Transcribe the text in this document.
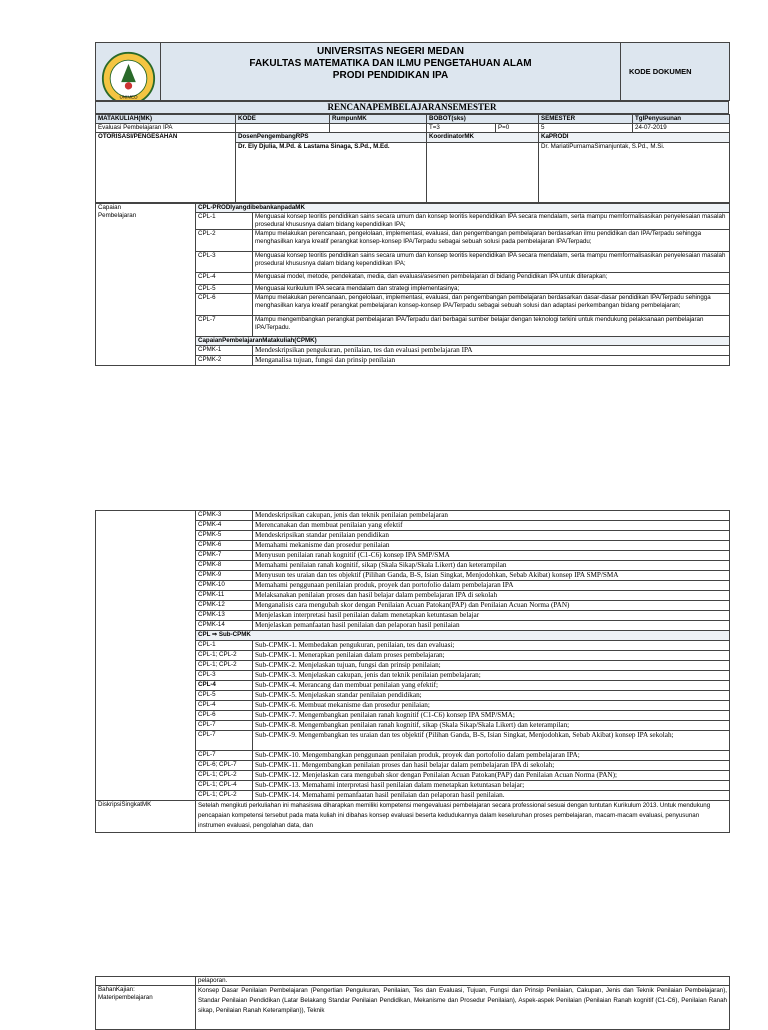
UNIMED

UNIVERSITAS NEGERI MEDAN
FAKULTAS MATEMATIKA DAN ILMU PENGETAHUAN ALAM
PRODI PENDIDIKAN IPA	KODE DOKUMEN
RENCANAPEMBELAJARANSEMESTER
MATAKULIAH(MK)	KODE	RumpunMK	BOBOT(sks)		SEMESTER	TglPenyusunan
Evaluasi Pembelajaran IPA			T=3	P=0	5	24-07-2019
OTORISASI/PENGESAHAN	DosenPengembangRPS		KoordinatorMK		KaPRODI	
	Dr. Ely Djulia, M.Pd. & Lastama Sinaga, S.Pd., M.Ed.				Dr. MariatiPurnamaSimanjuntak, S.Pd., M.Si.	
Capaian
Pembelajaran	CPL-PRODIyangdibebankanpadaMK	
	CPL-1	Menguasai konsep teoritis pendidikan sains secara umum dan konsep teoritis kependidikan IPA secara mendalam, serta mampu memformalisasikan penyelesaian masalah prosedural khususnya dalam bidang kependidikan IPA;
	CPL-2	Mampu melakukan perencanaan, pengelolaan, implementasi, evaluasi, dan pengembangan pembelajaran berdasarkan ilmu pendidikan dan IPA/Terpadu sehingga menghasilkan karya kreatif perangkat konsep-konsep IPA/Terpadu sebagai sebuah solusi pada pembelajaran IPA/Terpadu;
	CPL-3	Menguasai konsep teoritis pendidikan sains secara umum dan konsep teoritis kependidikan IPA secara mendalam, serta mampu memformalisasikan penyelesaian masalah prosedural khususnya dalam bidang kependidikan IPA;
	CPL-4	Menguasai model, metode, pendekatan, media, dan evaluasi/asesmen pembelajaran di bidang Pendidikan IPA untuk diterapkan;
	CPL-5	Menguasai kurikulum IPA secara mendalam dan strategi implementasinya;
	CPL-6	Mampu melakukan perencanaan, pengelolaan, implementasi, evaluasi, dan pengembangan pembelajaran berdasarkan dasar-dasar pendidikan IPA/Terpadu sehingga menghasilkan karya kreatif perangkat pembelajaran konsep-konsep IPA/Terpadu sebagai sebuah solusi dan adaptasi perkembangan bidang pembelajaran;
	CPL-7	Mampu mengembangkan perangkat pembelajaran IPA/Terpadu dari berbagai sumber belajar dengan teknologi terkini untuk mendukung pelaksanaan pembelajaran IPA/Terpadu.
	CapaianPembelajaranMatakuliah(CPMK)	
	CPMK-1	Mendeskripsikan pengukuran, penilaian, tes dan evaluasi pembelajaran IPA
	CPMK-2	Menganalisa tujuan, fungsi dan prinsip penilaian
	CPMK-3	Mendeskripsikan cakupan, jenis dan teknik penilaian pembelajaran
	CPMK-4	Merencanakan dan membuat penilaian yang efektif
	CPMK-5	Mendeskripsikan standar penilaian pendidikan
	CPMK-6	Memahami mekanisme dan prosedur penilaian
	CPMK-7	Menyusun penilaian ranah kognitif (C1-C6) konsep IPA SMP/SMA
	CPMK-8	Memahami penilaian ranah kognitif, sikap (Skala Sikap/Skala Likert) dan keterampilan
	CPMK-9	Menyusun tes uraian dan tes objektif (Pilihan Ganda, B-S, Isian Singkat, Menjodohkan, Sebab Akibat) konsep IPA SMP/SMA
	CPMK-10	Memahami penggunaan penilaian produk, proyek dan portofolio dalam pembelajaran IPA
	CPMK-11	Melaksanakan penilaian proses dan hasil belajar dalam pembelajaran IPA di sekolah
	CPMK-12	Menganalisis cara mengubah skor dengan Penilaian Acuan Patokan(PAP) dan Penilaian Acuan Norma (PAN)
	CPMK-13	Menjelaskan interpretasi hasil penilaian dalam menetapkan ketuntasan belajar
	CPMK-14	Menjelaskan pemanfaatan hasil penilaian dan pelaporan hasil penilaian
	CPL ⇒ Sub-CPMK	
	CPL-1	Sub-CPMK-1. Membedakan pengukuran, penilaian, tes dan evaluasi;
	CPL-1; CPL-2	Sub-CPMK-1. Menerapkan penilaian dalam proses pembelajaran;
	CPL-1; CPL-2	Sub-CPMK-2. Menjelaskan tujuan, fungsi dan prinsip penilaian;
	CPL-3	Sub-CPMK-3. Menjelaskan cakupan, jenis dan teknik penilaian pembelajaran;
	CPL-4	Sub-CPMK-4. Merancang dan membuat penilaian yang efektif;
	CPL-5	Sub-CPMK-5. Menjelaskan standar penilaian pendidikan;
	CPL-4	Sub-CPMK-6. Membuat mekanisme dan prosedur penilaian;
	CPL-6	Sub-CPMK-7. Mengembangkan penilaian ranah kognitif (C1-C6) konsep IPA SMP/SMA;
	CPL-7	Sub-CPMK-8. Mengembangkan penilaian ranah kognitif, sikap (Skala Sikap/Skala Likert) dan keterampilan;
	CPL-7	Sub-CPMK-9. Mengembangkan tes uraian dan tes objektif (Pilihan Ganda, B-S, Isian Singkat, Menjodohkan, Sebab Akibat) konsep IPA sekolah;
	CPL-7	Sub-CPMK-10. Mengembangkan penggunaan penilaian produk, proyek dan portofolio dalam pembelajaran IPA;
	CPL-6; CPL-7	Sub-CPMK-11. Mengembangkan penilaian proses dan hasil belajar dalam pembelajaran IPA di sekolah;
	CPL-1; CPL-2	Sub-CPMK-12. Menjelaskan cara mengubah skor dengan Penilaian Acuan Patokan(PAP) dan Penilaian Acuan Norma (PAN);
	CPL-1; CPL-4	Sub-CPMK-13. Memahami interpretasi hasil penilaian dalam menetapkan ketuntasan belajar;
	CPL-1; CPL-2	Sub-CPMK-14. Memahami pemanfaatan hasil penilaian dan pelaporan hasil penilaian.
DiskripsiSingkatMK	Setelah mengikuti perkuliahan ini mahasiswa diharapkan memiliki kompetensi mengevaluasi pembelajaran secara professional sesuai dengan tuntutan Kurikulum 2013. Untuk mendukung pencapaian kompetensi tersebut pada mata kuliah ini dibahas konsep evaluasi beserta kedudukannya dalam keseluruhan proses pembelajaran, macam-macam evaluasi, penyusunan instrumen evaluasi, pengolahan data, dan	
	pelaporan.

BahanKajian:
Materipembelajaran	Konsep Dasar Penilaian Pembelajaran (Pengertian Pengukuran, Penilaian, Tes dan Evaluasi, Tujuan, Fungsi dan Prinsip Penilaian, Cakupan, Jenis dan Teknik Penilaian Pembelajaran), Standar Penilaian Pendidikan (Latar Belakang Standar Penilaian Pendidikan, Mekanisme dan Prosedur Penilaian), Aspek-aspek Penilaian (Penilaian Ranah kognitif (C1-C6), Penilaian Ranah sikap, Penilaian Ranah Keterampilan)), Teknik
